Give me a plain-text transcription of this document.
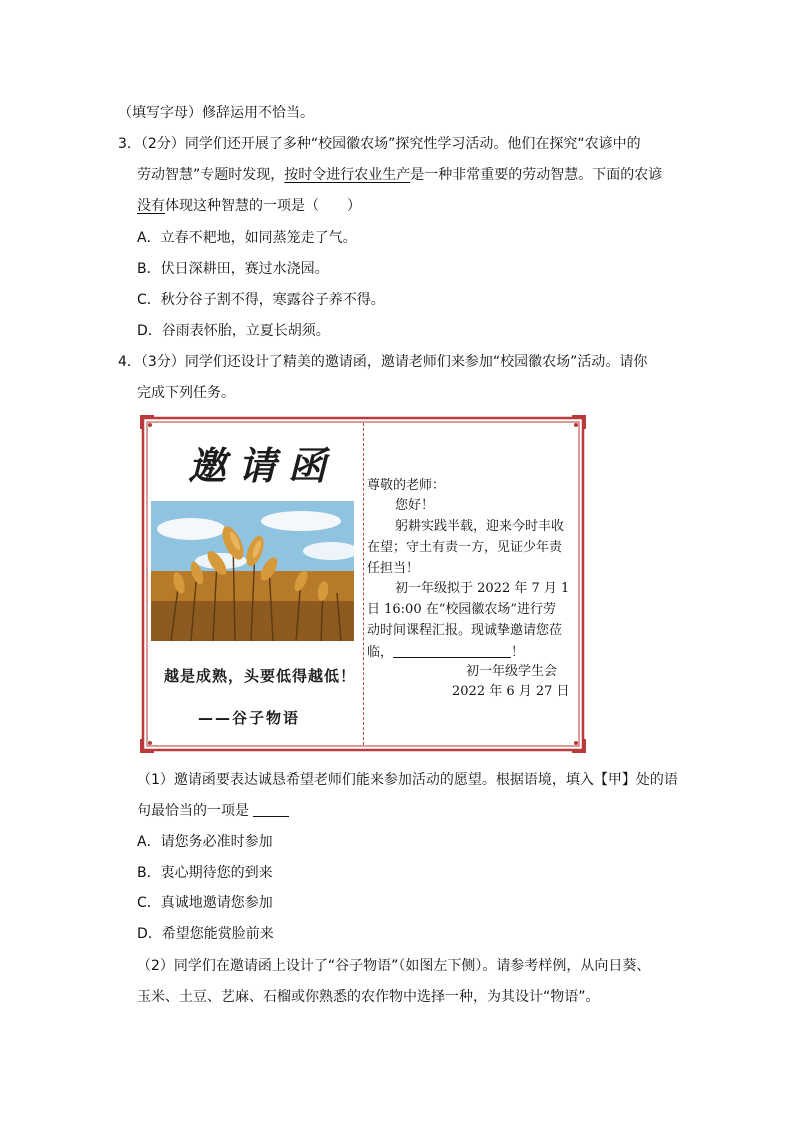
（填写字母）修辞运用不恰当。
3．（2分）同学们还开展了多种“校园徽农场”探究性学习活动。他们在探究“农谚中的
劳动智慧”专题时发现，按时令进行农业生产是一种非常重要的劳动智慧。下面的农谚
没有体现这种智慧的一项是（　　）
A．立春不耙地，如同蒸笼走了气。
B．伏日深耕田，赛过水浇园。
C．秋分谷子割不得，寒露谷子养不得。
D．谷雨表怀胎，立夏长胡须。
4．（3分）同学们还设计了精美的邀请函，邀请老师们来参加“校园徽农场”活动。请你
完成下列任务。
邀请函
越是成熟，头要低得越低！
——谷子物语
尊敬的老师：
您好！
躬耕实践半载，迎来今时丰收
在望；守土有责一方，见证少年责
任担当！
初一年级拟于 2022 年 7 月 1
日 16:00 在“校园徽农场”进行劳
动时间课程汇报。现诚挚邀请您莅
临，	！
初一年级学生会
2022 年 6 月 27 日
（1）邀请函要表达诚恳希望老师们能来参加活动的愿望。根据语境，填入【甲】处的语
句最恰当的一项是
A．请您务必准时参加
B．衷心期待您的到来
C．真诚地邀请您参加
D．希望您能赏脸前来
（2）同学们在邀请函上设计了“谷子物语”（如图左下侧）。请参考样例，从向日葵、
玉米、土豆、艺麻、石榴或你熟悉的农作物中选择一种，为其设计“物语”。
